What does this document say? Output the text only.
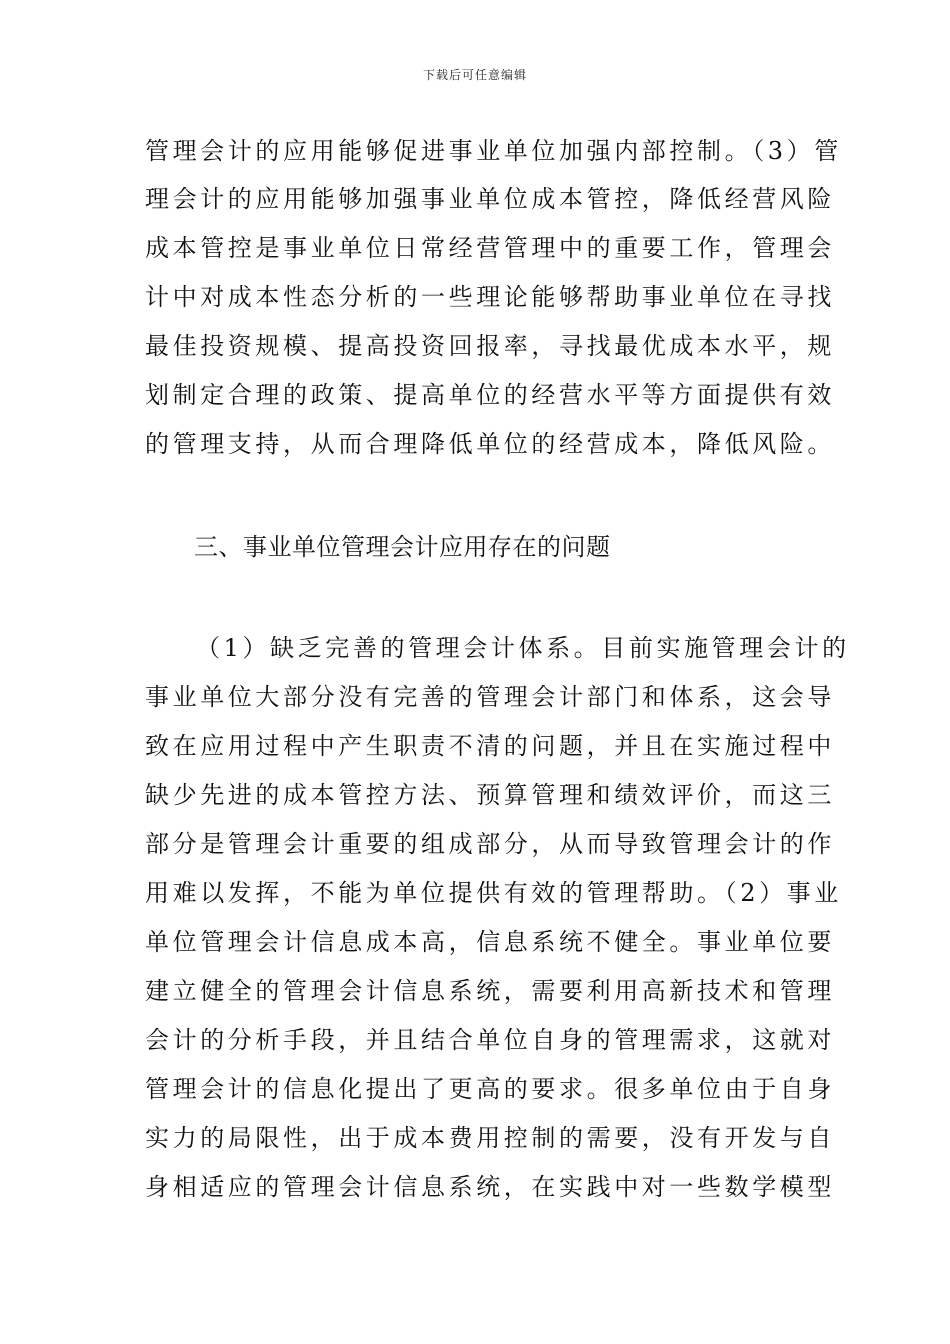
下载后可任意编辑
管理会计的应用能够促进事业单位加强内部控制。（3）管
理会计的应用能够加强事业单位成本管控，降低经营风险
成本管控是事业单位日常经营管理中的重要工作，管理会
计中对成本性态分析的一些理论能够帮助事业单位在寻找
最佳投资规模、提高投资回报率，寻找最优成本水平，规
划制定合理的政策、提高单位的经营水平等方面提供有效
的管理支持，从而合理降低单位的经营成本，降低风险。
三、事业单位管理会计应用存在的问题
（1）缺乏完善的管理会计体系。目前实施管理会计的
事业单位大部分没有完善的管理会计部门和体系，这会导
致在应用过程中产生职责不清的问题，并且在实施过程中
缺少先进的成本管控方法、预算管理和绩效评价，而这三
部分是管理会计重要的组成部分，从而导致管理会计的作
用难以发挥，不能为单位提供有效的管理帮助。（2）事业
单位管理会计信息成本高，信息系统不健全。事业单位要
建立健全的管理会计信息系统，需要利用高新技术和管理
会计的分析手段，并且结合单位自身的管理需求，这就对
管理会计的信息化提出了更高的要求。很多单位由于自身
实力的局限性，出于成本费用控制的需要，没有开发与自
身相适应的管理会计信息系统，在实践中对一些数学模型
